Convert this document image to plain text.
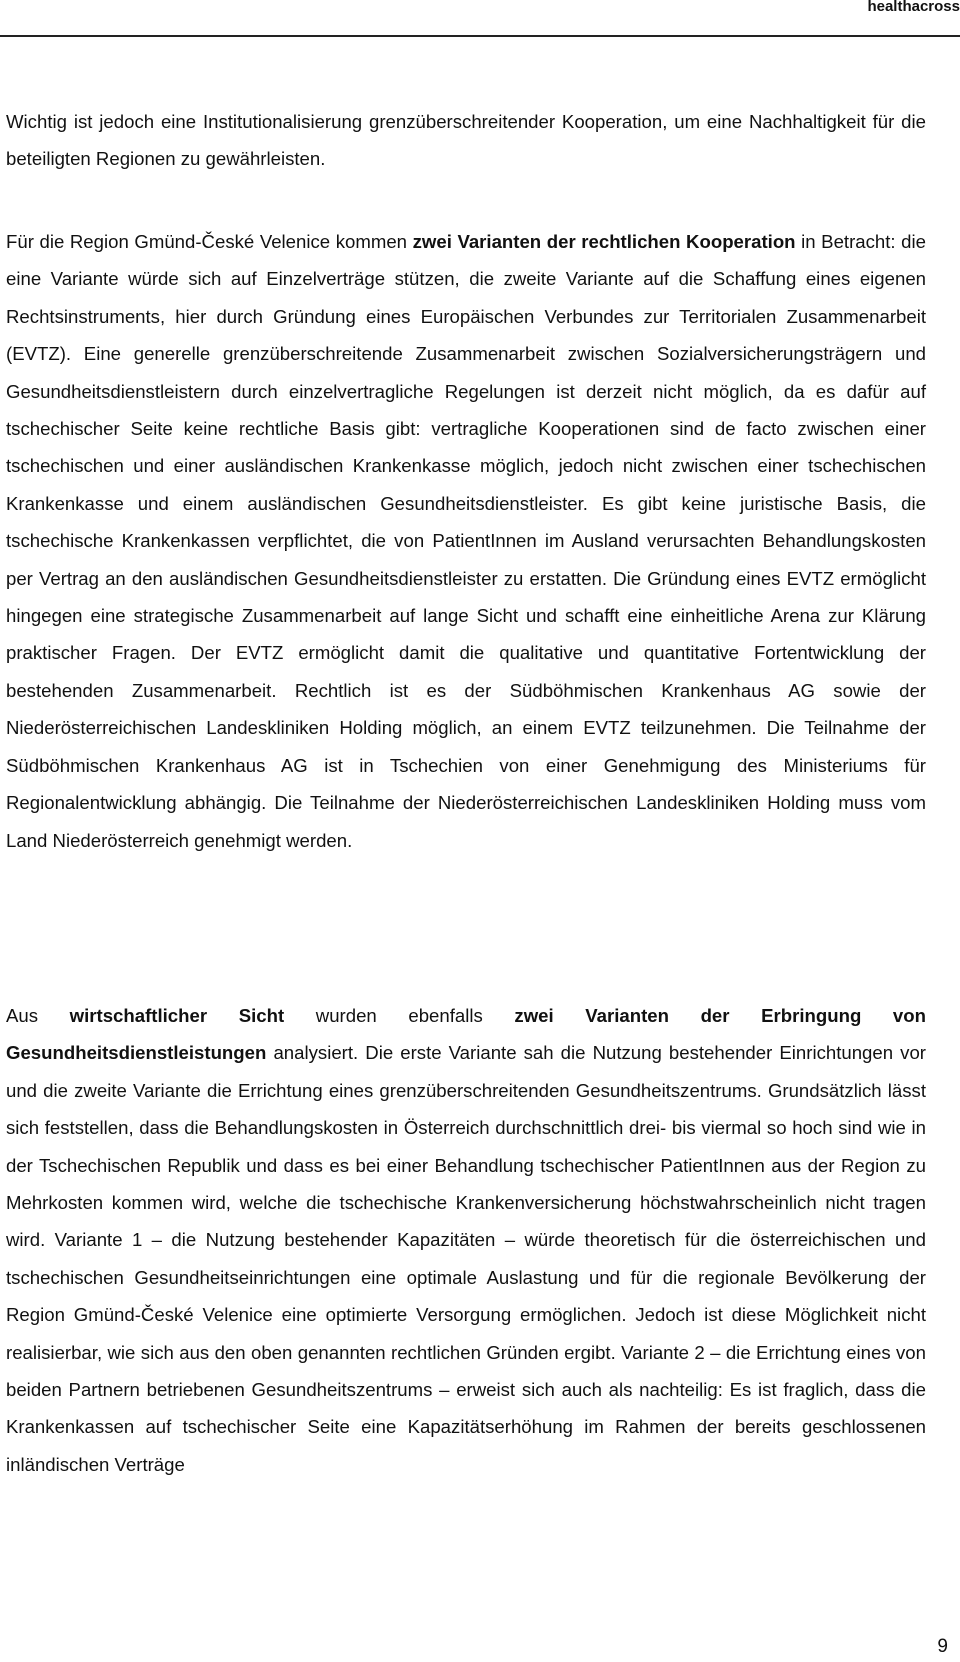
healthacross

Wichtig ist jedoch eine Institutionalisierung grenzüberschreitender Kooperation, um eine Nachhaltigkeit für die beteiligten Regionen zu gewährleisten.

Für die Region Gmünd-České Velenice kommen zwei Varianten der rechtlichen Kooperation in Betracht: die eine Variante würde sich auf Einzelverträge stützen, die zweite Variante auf die Schaffung eines eigenen Rechtsinstruments, hier durch Gründung eines Europäischen Verbundes zur Territorialen Zusammenarbeit (EVTZ). Eine generelle grenzüberschreitende Zusammenarbeit zwischen Sozialversicherungsträgern und Gesundheitsdienstleistern durch einzelvertragliche Regelungen ist derzeit nicht möglich, da es dafür auf tschechischer Seite keine rechtliche Basis gibt: vertragliche Kooperationen sind de facto zwischen einer tschechischen und einer ausländischen Krankenkasse möglich, jedoch nicht zwischen einer tschechischen Krankenkasse und einem ausländischen Gesundheitsdienstleister. Es gibt keine juristische Basis, die tschechische Krankenkassen verpflichtet, die von PatientInnen im Ausland verursachten Behandlungskosten per Vertrag an den ausländischen Gesundheitsdienstleister zu erstatten. Die Gründung eines EVTZ ermöglicht hingegen eine strategische Zusammenarbeit auf lange Sicht und schafft eine einheitliche Arena zur Klärung praktischer Fragen. Der EVTZ ermöglicht damit die qualitative und quantitative Fortentwicklung der bestehenden Zusammenarbeit. Rechtlich ist es der Südböhmischen Krankenhaus AG sowie der Niederösterreichischen Landeskliniken Holding möglich, an einem EVTZ teilzunehmen. Die Teilnahme der Südböhmischen Krankenhaus AG ist in Tschechien von einer Genehmigung des Ministeriums für Regionalentwicklung abhängig. Die Teilnahme der Niederösterreichischen Landeskliniken Holding muss vom Land Niederösterreich genehmigt werden.

Aus wirtschaftlicher Sicht wurden ebenfalls zwei Varianten der Erbringung von Gesundheitsdienstleistungen analysiert. Die erste Variante sah die Nutzung bestehender Einrichtungen vor und die zweite Variante die Errichtung eines grenzüberschreitenden Gesundheitszentrums. Grundsätzlich lässt sich feststellen, dass die Behandlungskosten in Österreich durchschnittlich drei- bis viermal so hoch sind wie in der Tschechischen Republik und dass es bei einer Behandlung tschechischer PatientInnen aus der Region zu Mehrkosten kommen wird, welche die tschechische Krankenversicherung höchstwahrscheinlich nicht tragen wird. Variante 1 – die Nutzung bestehender Kapazitäten – würde theoretisch für die österreichischen und tschechischen Gesundheitseinrichtungen eine optimale Auslastung und für die regionale Bevölkerung der Region Gmünd-České Velenice eine optimierte Versorgung ermöglichen. Jedoch ist diese Möglichkeit nicht realisierbar, wie sich aus den oben genannten rechtlichen Gründen ergibt. Variante 2 – die Errichtung eines von beiden Partnern betriebenen Gesundheitszentrums – erweist sich auch als nachteilig: Es ist fraglich, dass die Krankenkassen auf tschechischer Seite eine Kapazitätserhöhung im Rahmen der bereits geschlossenen inländischen Verträge

9
